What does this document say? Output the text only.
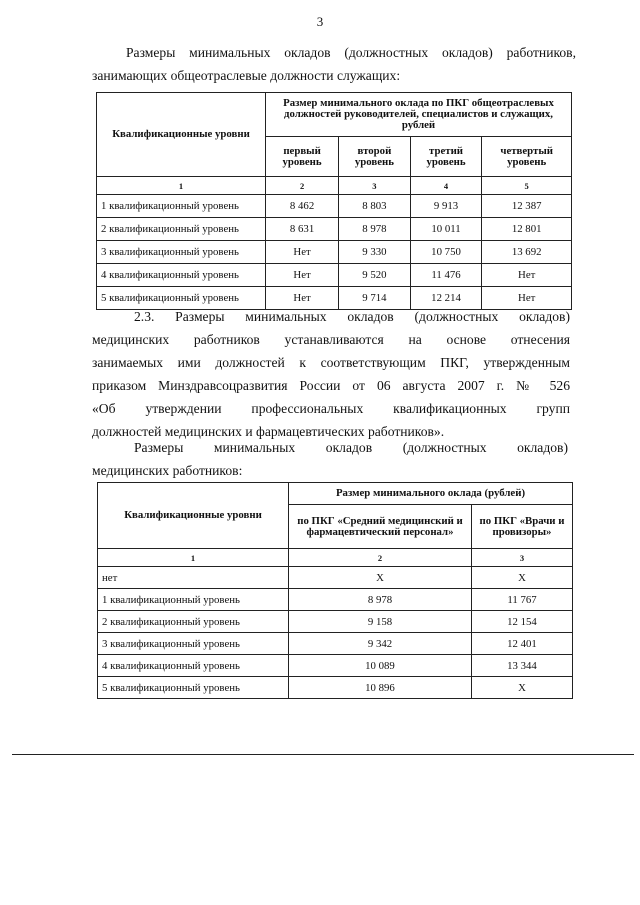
3
Размеры минимальных окладов (должностных окладов) работников,
занимающих общеотраслевые должности служащих:
Квалификационные уровни	Размер минимального оклада по ПКГ общеотраслевых должностей руководителей, специалистов и служащих, рублей			
	первый уровень	второй уровень	третий уровень	четвертый уровень
1	2	3	4	5
1 квалификационный уровень	8 462	8 803	9 913	12 387
2 квалификационный уровень	8 631	8 978	10 011	12 801
3 квалификационный уровень	Нет	9 330	10 750	13 692
4 квалификационный уровень	Нет	9 520	11 476	Нет
5 квалификационный уровень	Нет	9 714	12 214	Нет
2.3. Размеры минимальных окладов (должностных окладов)
медицинских работников устанавливаются на основе отнесения
занимаемых ими должностей к соответствующим ПКГ, утвержденным
приказом Минздравсоцразвития России от 06 августа 2007 г. № 526
«Об утверждении профессиональных квалификационных групп
должностей медицинских и фармацевтических работников».
Размеры минимальных окладов (должностных окладов)
медицинских работников:
Квалификационные уровни	Размер минимального оклада (рублей)	
	по ПКГ «Средний медицинский и фармацевтический персонал»	по ПКГ «Врачи и провизоры»
1	2	3
нет	Х	Х
1 квалификационный уровень	8 978	11 767
2 квалификационный уровень	9 158	12 154
3 квалификационный уровень	9 342	12 401
4 квалификационный уровень	10 089	13 344
5 квалификационный уровень	10 896	Х
